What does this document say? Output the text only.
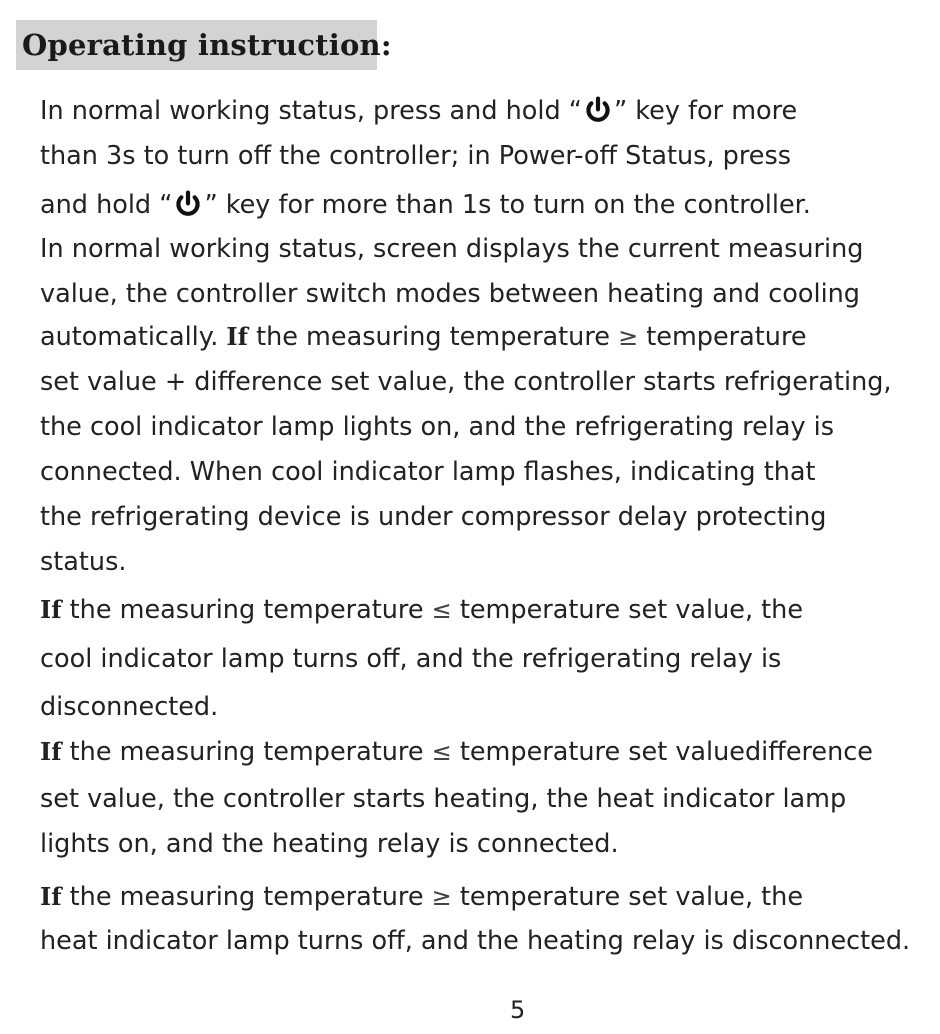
Operating instruction:
In normal working status, press and hold “ ” key for more
than 3s to turn off the controller; in Power-off Status, press
and hold “ ” key for more than 1s to turn on the controller.
In normal working status, screen displays the current measuring
value, the controller switch modes between heating and cooling
automatically. If the measuring temperature ≥ temperature
set value + difference set value, the controller starts refrigerating,
the cool indicator lamp lights on, and the refrigerating relay is
connected. When cool indicator lamp flashes, indicating that
the refrigerating device is under compressor delay protecting
status.
If the measuring temperature ≤ temperature set value, the
cool indicator lamp turns off, and the refrigerating relay is
disconnected.
If the measuring temperature ≤ temperature set valuedifference
set value, the controller starts heating, the heat indicator lamp
lights on, and the heating relay is connected.
If the measuring temperature ≥ temperature set value, the
heat indicator lamp turns off, and the heating relay is disconnected.
5
